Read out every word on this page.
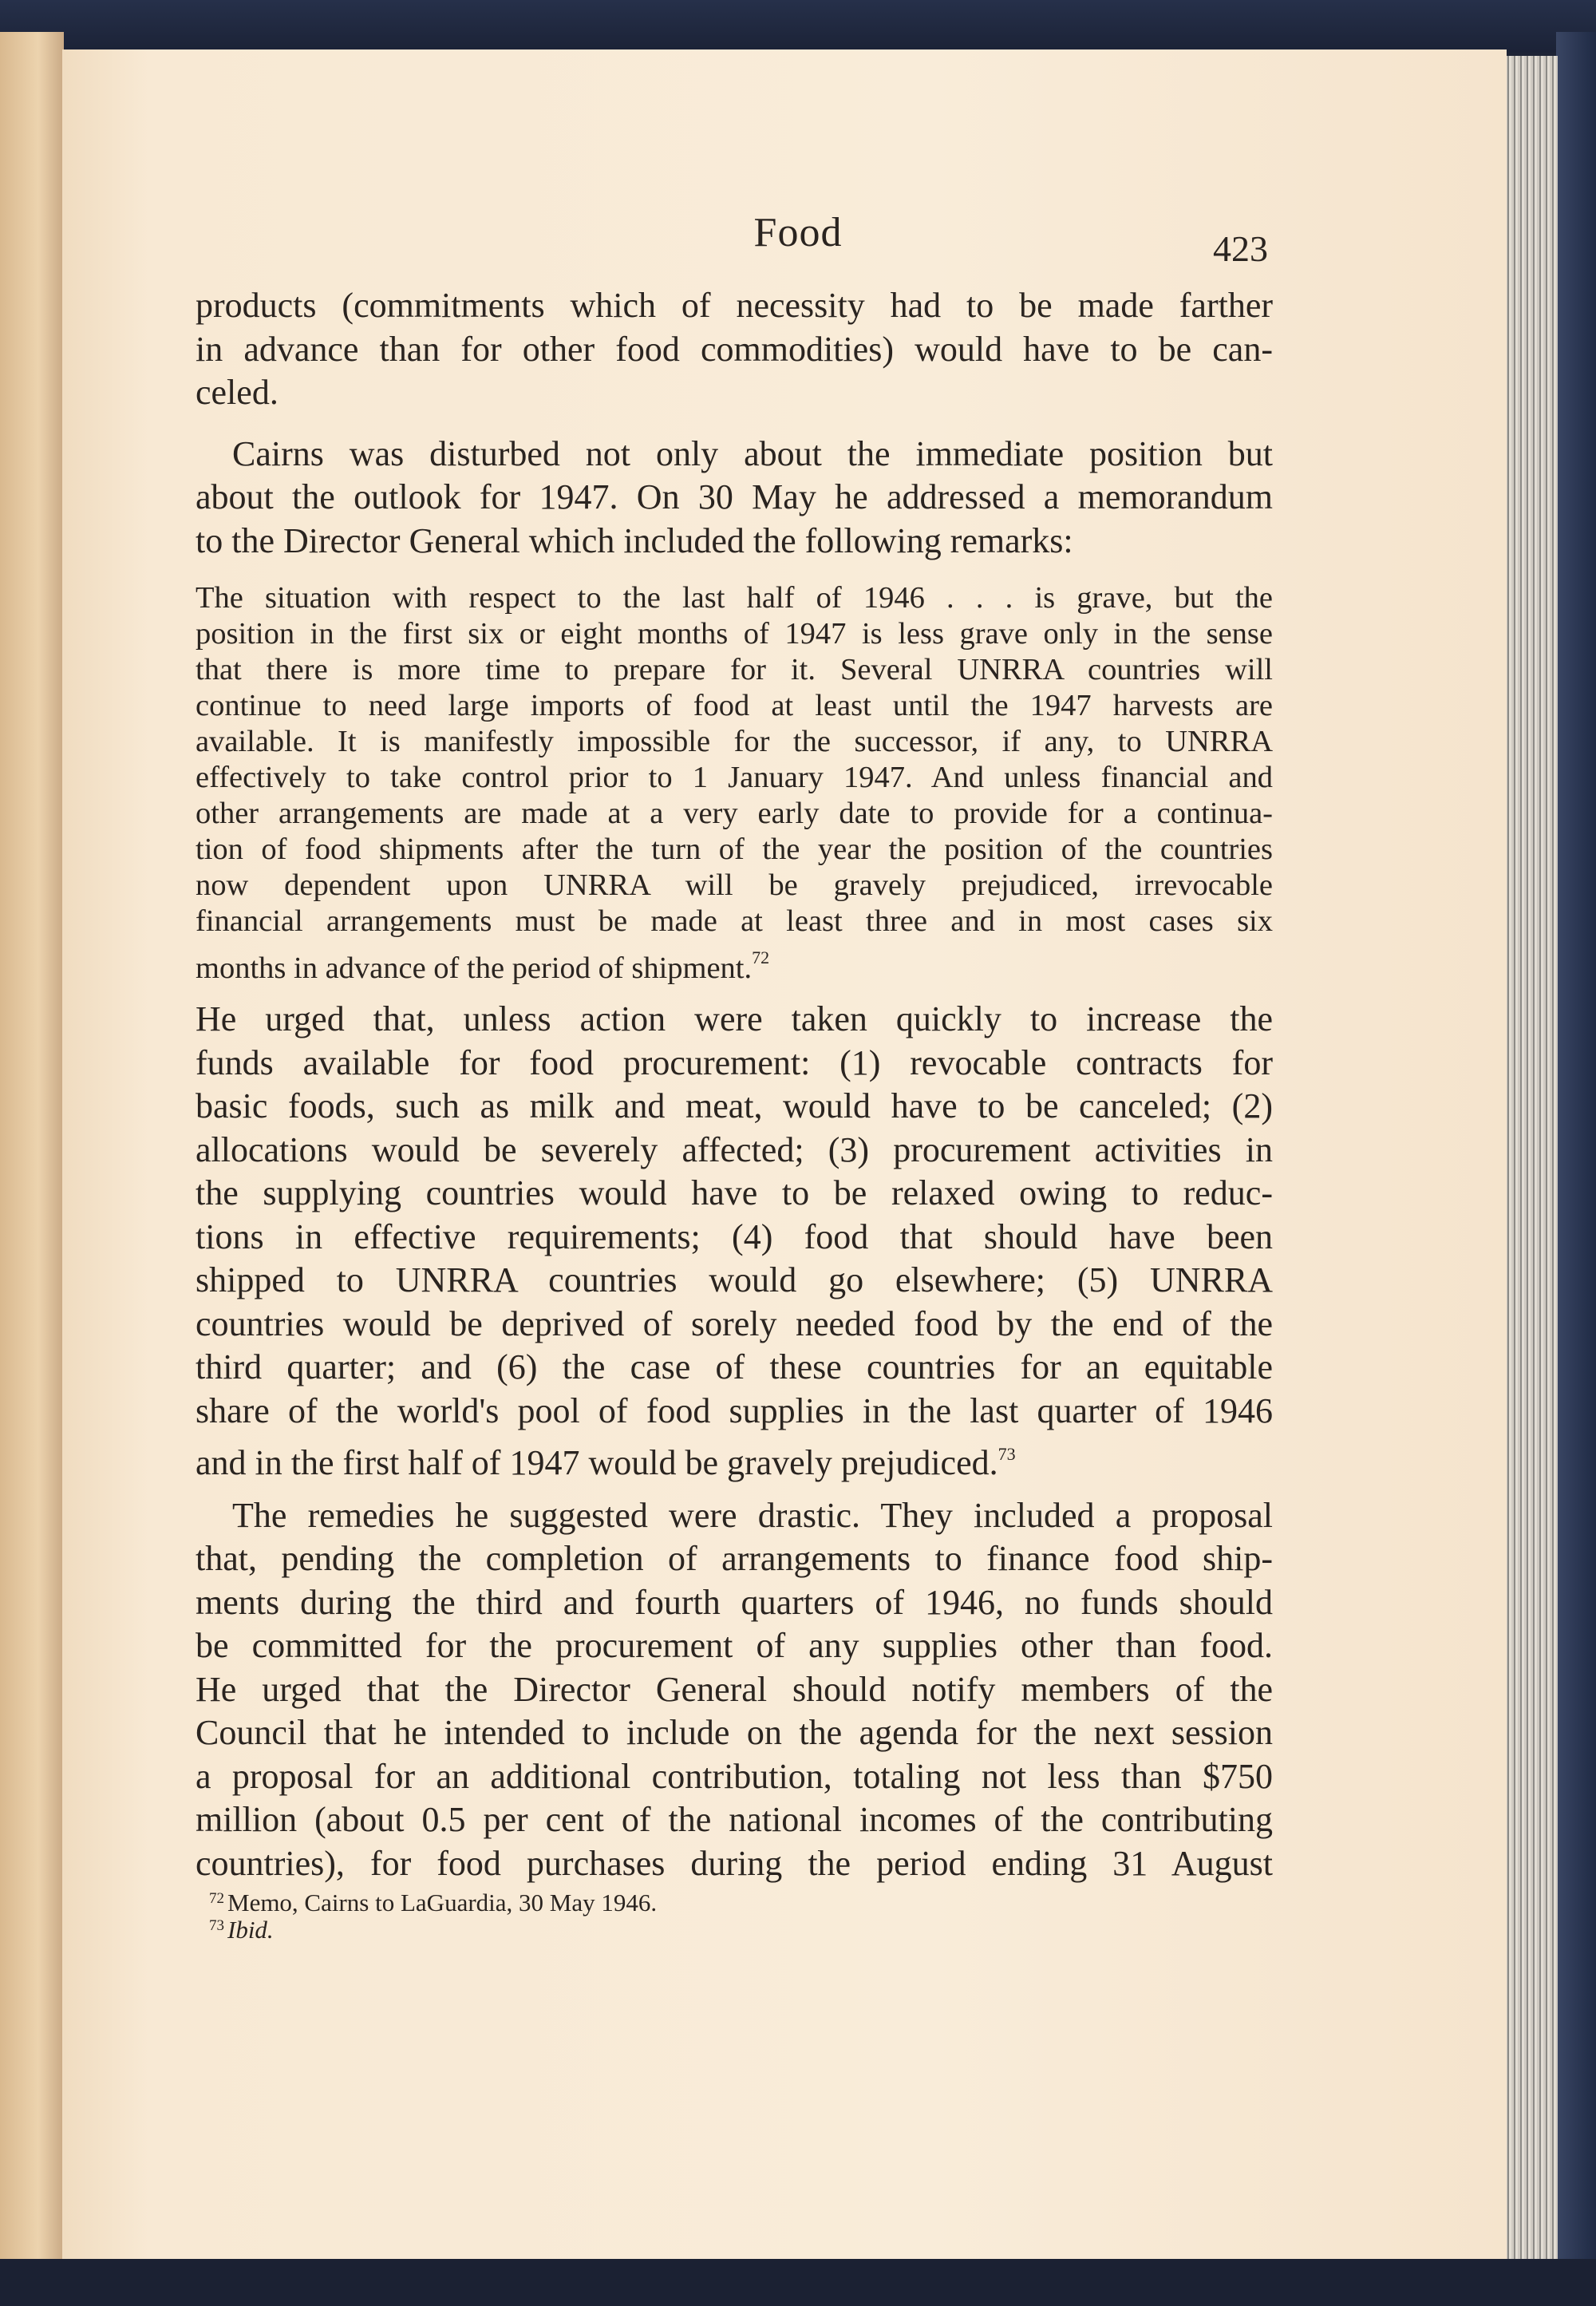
Food	423
products (commitments which of necessity had to be made farther
in advance than for other food commodities) would have to be can-
celed.
Cairns was disturbed not only about the immediate position but
about the outlook for 1947. On 30 May he addressed a memorandum
to the Director General which included the following remarks:
The situation with respect to the last half of 1946 . . . is grave, but the
position in the first six or eight months of 1947 is less grave only in the sense
that there is more time to prepare for it. Several UNRRA countries will
continue to need large imports of food at least until the 1947 harvests are
available. It is manifestly impossible for the successor, if any, to UNRRA
effectively to take control prior to 1 January 1947. And unless financial and
other arrangements are made at a very early date to provide for a continua-
tion of food shipments after the turn of the year the position of the countries
now dependent upon UNRRA will be gravely prejudiced, irrevocable
financial arrangements must be made at least three and in most cases six
months in advance of the period of shipment.$^{72}$
He urged that, unless action were taken quickly to increase the
funds available for food procurement: (1) revocable contracts for
basic foods, such as milk and meat, would have to be canceled; (2)
allocations would be severely affected; (3) procurement activities in
the supplying countries would have to be relaxed owing to reduc-
tions in effective requirements; (4) food that should have been
shipped to UNRRA countries would go elsewhere; (5) UNRRA
countries would be deprived of sorely needed food by the end of the
third quarter; and (6) the case of these countries for an equitable
share of the world's pool of food supplies in the last quarter of 1946
and in the first half of 1947 would be gravely prejudiced.$^{73}$
The remedies he suggested were drastic. They included a proposal
that, pending the completion of arrangements to finance food ship-
ments during the third and fourth quarters of 1946, no funds should
be committed for the procurement of any supplies other than food.
He urged that the Director General should notify members of the
Council that he intended to include on the agenda for the next session
a proposal for an additional contribution, totaling not less than $750
million (about 0.5 per cent of the national incomes of the contributing
countries), for food purchases during the period ending 31 August
$^{72}$ Memo, Cairns to LaGuardia, 30 May 1946.
$^{73}$ Ibid.
